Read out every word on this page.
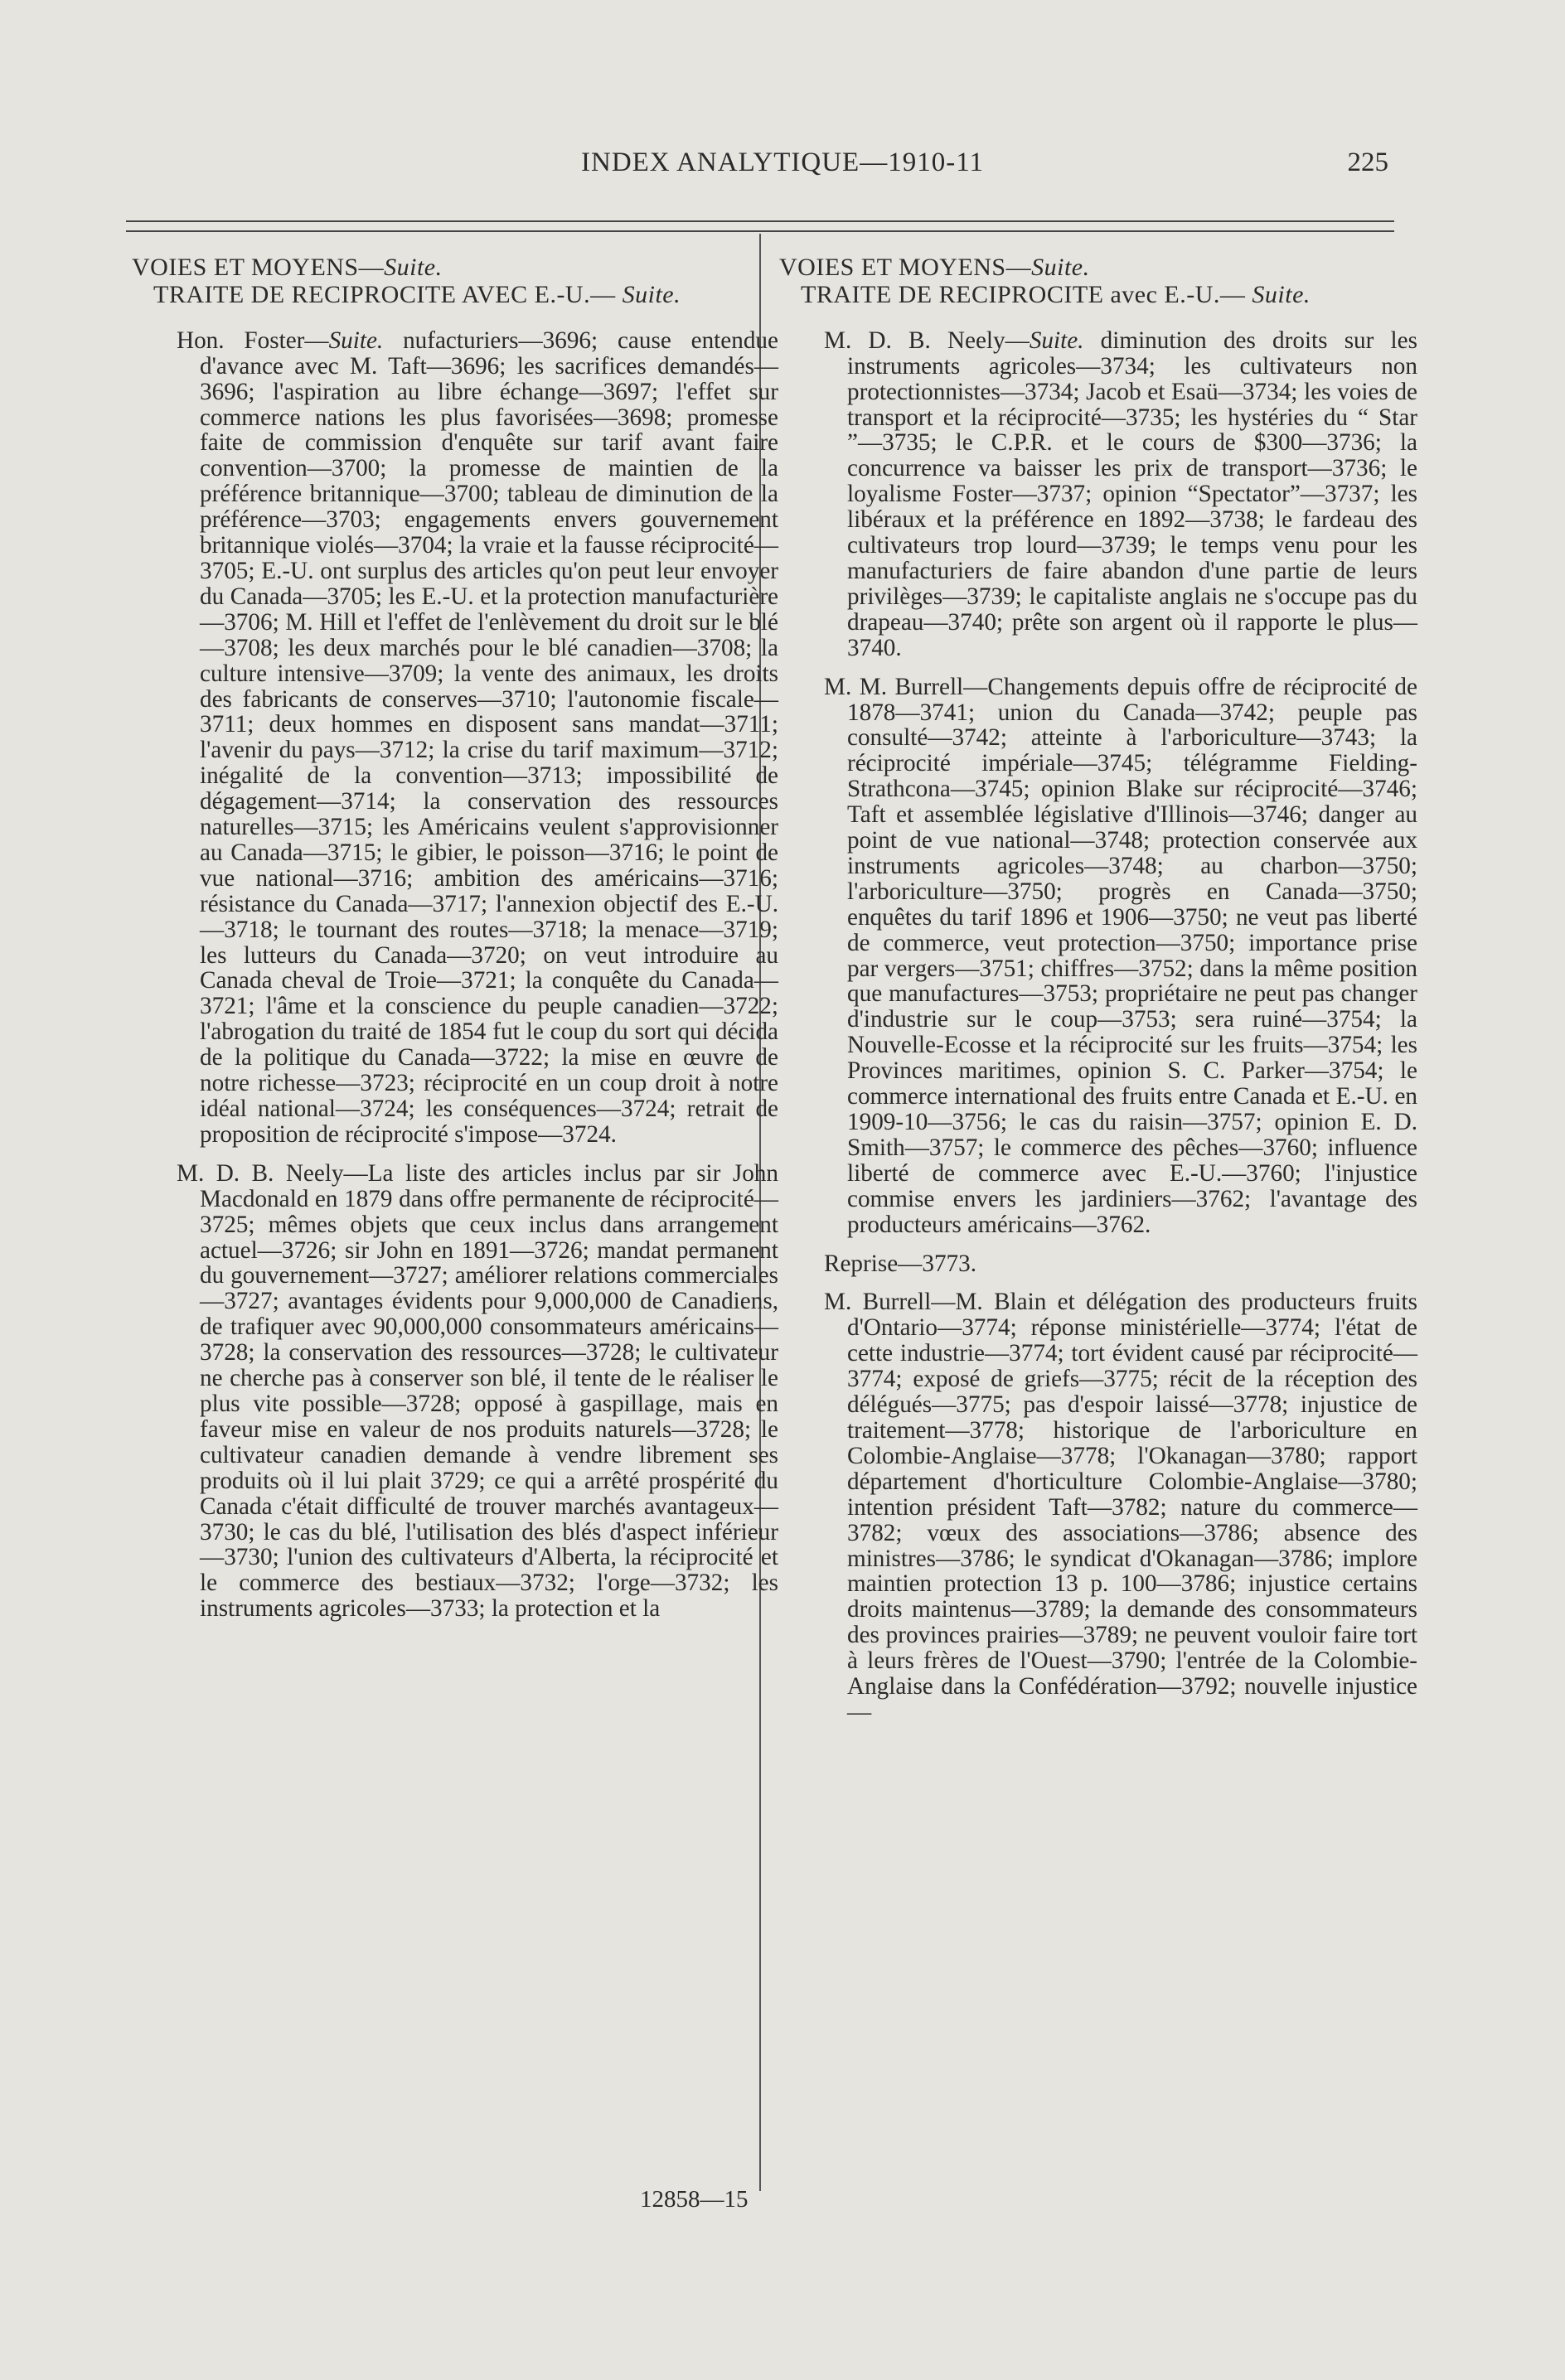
INDEX ANALYTIQUE—1910-11	225
VOIES ET MOYENS—Suite.
TRAITE DE RECIPROCITE AVEC E.-U.— Suite.
Hon. Foster—Suite. nufacturiers—3696; cause entendue d'avance avec M. Taft—3696; les sacrifices demandés—3696; l'aspiration au libre échange—3697; l'effet sur commerce nations les plus favorisées—3698; promesse faite de commission d'enquête sur tarif avant faire convention—3700; la promesse de maintien de la préférence britannique—3700; tableau de diminution de la préférence—3703; engagements envers gouvernement britannique violés—3704; la vraie et la fausse réciprocité—3705; E.-U. ont surplus des articles qu'on peut leur envoyer du Canada—3705; les E.-U. et la protection manufacturière—3706; M. Hill et l'effet de l'enlèvement du droit sur le blé—3708; les deux marchés pour le blé canadien—3708; la culture intensive—3709; la vente des animaux, les droits des fabricants de conserves—3710; l'autonomie fiscale—3711; deux hommes en disposent sans mandat—3711; l'avenir du pays—3712; la crise du tarif maximum—3712; inégalité de la convention—3713; impossibilité de dégagement—3714; la conservation des ressources naturelles—3715; les Américains veulent s'approvisionner au Canada—3715; le gibier, le poisson—3716; le point de vue national—3716; ambition des américains—3716; résistance du Canada—3717; l'annexion objectif des E.-U.—3718; le tournant des routes—3718; la menace—3719; les lutteurs du Canada—3720; on veut introduire au Canada cheval de Troie—3721; la conquête du Canada—3721; l'âme et la conscience du peuple canadien—3722; l'abrogation du traité de 1854 fut le coup du sort qui décida de la politique du Canada—3722; la mise en œuvre de notre richesse—3723; réciprocité en un coup droit à notre idéal national—3724; les conséquences—3724; retrait de proposition de réciprocité s'impose—3724.
M. D. B. Neely—La liste des articles inclus par sir John Macdonald en 1879 dans offre permanente de réciprocité—3725; mêmes objets que ceux inclus dans arrangement actuel—3726; sir John en 1891—3726; mandat permanent du gouvernement—3727; améliorer relations commerciales—3727; avantages évidents pour 9,000,000 de Canadiens, de trafiquer avec 90,000,000 consommateurs américains—3728; la conservation des ressources—3728; le cultivateur ne cherche pas à conserver son blé, il tente de le réaliser le plus vite possible—3728; opposé à gaspillage, mais en faveur mise en valeur de nos produits naturels—3728; le cultivateur canadien demande à vendre librement ses produits où il lui plait 3729; ce qui a arrêté prospérité du Canada c'était difficulté de trouver marchés avantageux—3730; le cas du blé, l'utilisation des blés d'aspect inférieur—3730; l'union des cultivateurs d'Alberta, la réciprocité et le commerce des bestiaux—3732; l'orge—3732; les instruments agricoles—3733; la protection et la
12858—15
VOIES ET MOYENS—Suite.
TRAITE DE RECIPROCITE avec E.-U.— Suite.
M. D. B. Neely—Suite. diminution des droits sur les instruments agricoles—3734; les cultivateurs non protectionnistes—3734; Jacob et Esaü—3734; les voies de transport et la réciprocité—3735; les hystéries du “ Star ”—3735; le C.P.R. et le cours de $300—3736; la concurrence va baisser les prix de transport—3736; le loyalisme Foster—3737; opinion “Spectator”—3737; les libéraux et la préférence en 1892—3738; le fardeau des cultivateurs trop lourd—3739; le temps venu pour les manufacturiers de faire abandon d'une partie de leurs privilèges—3739; le capitaliste anglais ne s'occupe pas du drapeau—3740; prête son argent où il rapporte le plus—3740.
M. M. Burrell—Changements depuis offre de réciprocité de 1878—3741; union du Canada—3742; peuple pas consulté—3742; atteinte à l'arboriculture—3743; la réciprocité impériale—3745; télégramme Fielding-Strathcona—3745; opinion Blake sur réciprocité—3746; Taft et assemblée législative d'Illinois—3746; danger au point de vue national—3748; protection conservée aux instruments agricoles—3748; au charbon—3750; l'arboriculture—3750; progrès en Canada—3750; enquêtes du tarif 1896 et 1906—3750; ne veut pas liberté de commerce, veut protection—3750; importance prise par vergers—3751; chiffres—3752; dans la même position que manufactures—3753; propriétaire ne peut pas changer d'industrie sur le coup—3753; sera ruiné—3754; la Nouvelle-Ecosse et la réciprocité sur les fruits—3754; les Provinces maritimes, opinion S. C. Parker—3754; le commerce international des fruits entre Canada et E.-U. en 1909-10—3756; le cas du raisin—3757; opinion E. D. Smith—3757; le commerce des pêches—3760; influence liberté de commerce avec E.-U.—3760; l'injustice commise envers les jardiniers—3762; l'avantage des producteurs américains—3762.
Reprise—3773.
M. Burrell—M. Blain et délégation des producteurs fruits d'Ontario—3774; réponse ministérielle—3774; l'état de cette industrie—3774; tort évident causé par réciprocité—3774; exposé de griefs—3775; récit de la réception des délégués—3775; pas d'espoir laissé—3778; injustice de traitement—3778; historique de l'arboriculture en Colombie-Anglaise—3778; l'Okanagan—3780; rapport département d'horticulture Colombie-Anglaise—3780; intention président Taft—3782; nature du commerce—3782; vœux des associations—3786; absence des ministres—3786; le syndicat d'Okanagan—3786; implore maintien protection 13 p. 100—3786; injustice certains droits maintenus—3789; la demande des consommateurs des provinces prairies—3789; ne peuvent vouloir faire tort à leurs frères de l'Ouest—3790; l'entrée de la Colombie-Anglaise dans la Confédération—3792; nouvelle injustice—
